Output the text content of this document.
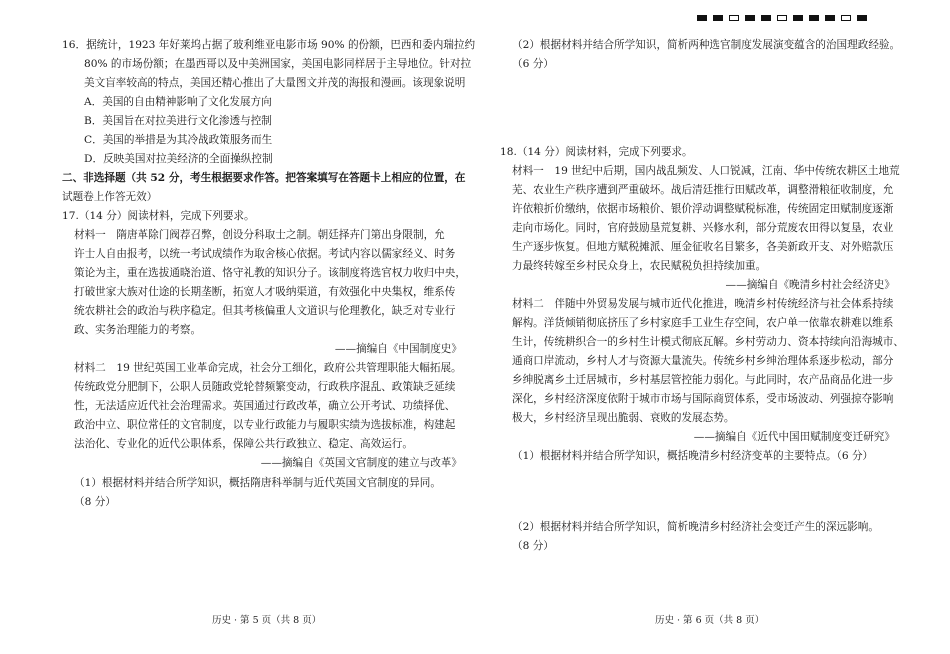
16．据统计，1923 年好莱坞占据了玻利维亚电影市场 90% 的份额，巴西和委内瑞拉约
80% 的市场份额；在墨西哥以及中美洲国家，美国电影同样居于主导地位。针对拉
美文盲率较高的特点，美国还精心推出了大量图文并茂的海报和漫画。该现象说明
A．美国的自由精神影响了文化发展方向
B．美国旨在对拉美进行文化渗透与控制
C．美国的举措是为其冷战政策服务而生
D．反映美国对拉美经济的全面操纵控制
二、非选择题（共 52 分，考生根据要求作答。把答案填写在答题卡上相应的位置，在
试题卷上作答无效）
17.（14 分）阅读材料，完成下列要求。
材料一　隋唐革除门阀荐召弊，创设分科取士之制。朝廷择卉门第出身限制，允
许士人自由报考，以统一考试成绩作为取舍核心依据。考试内容以儒家经义、时务
策论为主，重在选拔通晓治道、恪守礼教的知识分子。该制度将选官权力收归中央，
打破世家大族对仕途的长期垄断，拓宽人才吸纳渠道，有效强化中央集权，维系传
统农耕社会的政治与秩序稳定。但其考核偏重人文道识与伦理教化，缺乏对专业行
政、实务治理能力的考察。
——摘编自《中国制度史》
材料二　19 世纪英国工业革命完成，社会分工细化，政府公共管理职能大幅拓展。
传统政党分肥制下，公职人员随政党轮替频繁变动，行政秩序混乱、政策缺乏延续
性，无法适应近代社会治理需求。英国通过行政改革，确立公开考试、功绩择优、
政治中立、职位常任的文官制度，以专业行政能力与履职实绩为选拔标准，构建起
法治化、专业化的近代公职体系，保障公共行政独立、稳定、高效运行。
——摘编自《英国文官制度的建立与改革》
（1）根据材料并结合所学知识，概括隋唐科举制与近代英国文官制度的异同。
（8 分）
历史 · 第 5 页（共 8 页）
（2）根据材料并结合所学知识，简析两种选官制度发展演变蕴含的治国理政经验。
（6 分）
18.（14 分）阅读材料，完成下列要求。
材料一　19 世纪中后期，国内战乱频发、人口锐减，江南、华中传统农耕区土地荒
芜、农业生产秩序遭到严重破坏。战后清廷推行田赋改革，调整滑粮征收制度，允
许依粮折价缴纳，依据市场粮价、银价浮动调整赋税标准，传统固定田赋制度逐渐
走向市场化。同时，官府鼓励垦荒复耕、兴修水利，部分荒废农田得以复垦，农业
生产逐步恢复。但地方赋税摊派、厘金征收名目繁多，各美新政开支、对外赔款压
力最终转嫁至乡村民众身上，农民赋税负担持续加重。
——摘编自《晚清乡村社会经济史》
材料二　伴随中外贸易发展与城市近代化推进，晚清乡村传统经济与社会体系持续
解构。洋货倾销彻底挤压了乡村家庭手工业生存空间，农户单一依靠农耕难以维系
生计，传统耕织合一的乡村生计模式彻底瓦解。乡村劳动力、资本持续向沿海城市、
通商口岸流动，乡村人才与资源大量流失。传统乡村乡绅治理体系逐步松动，部分
乡绅脱离乡土迁居城市，乡村基层管控能力弱化。与此同时，农产品商品化进一步
深化，乡村经济深度依附于城市市场与国际商贸体系，受市场波动、列强掠夺影响
极大，乡村经济呈现出脆弱、衰败的发展态势。
——摘编自《近代中国田赋制度变迁研究》
（1）根据材料并结合所学知识，概括晚清乡村经济变革的主要特点。（6 分）
（2）根据材料并结合所学知识，简析晚清乡村经济社会变迁产生的深远影响。
（8 分）
历史 · 第 6 页（共 8 页）
